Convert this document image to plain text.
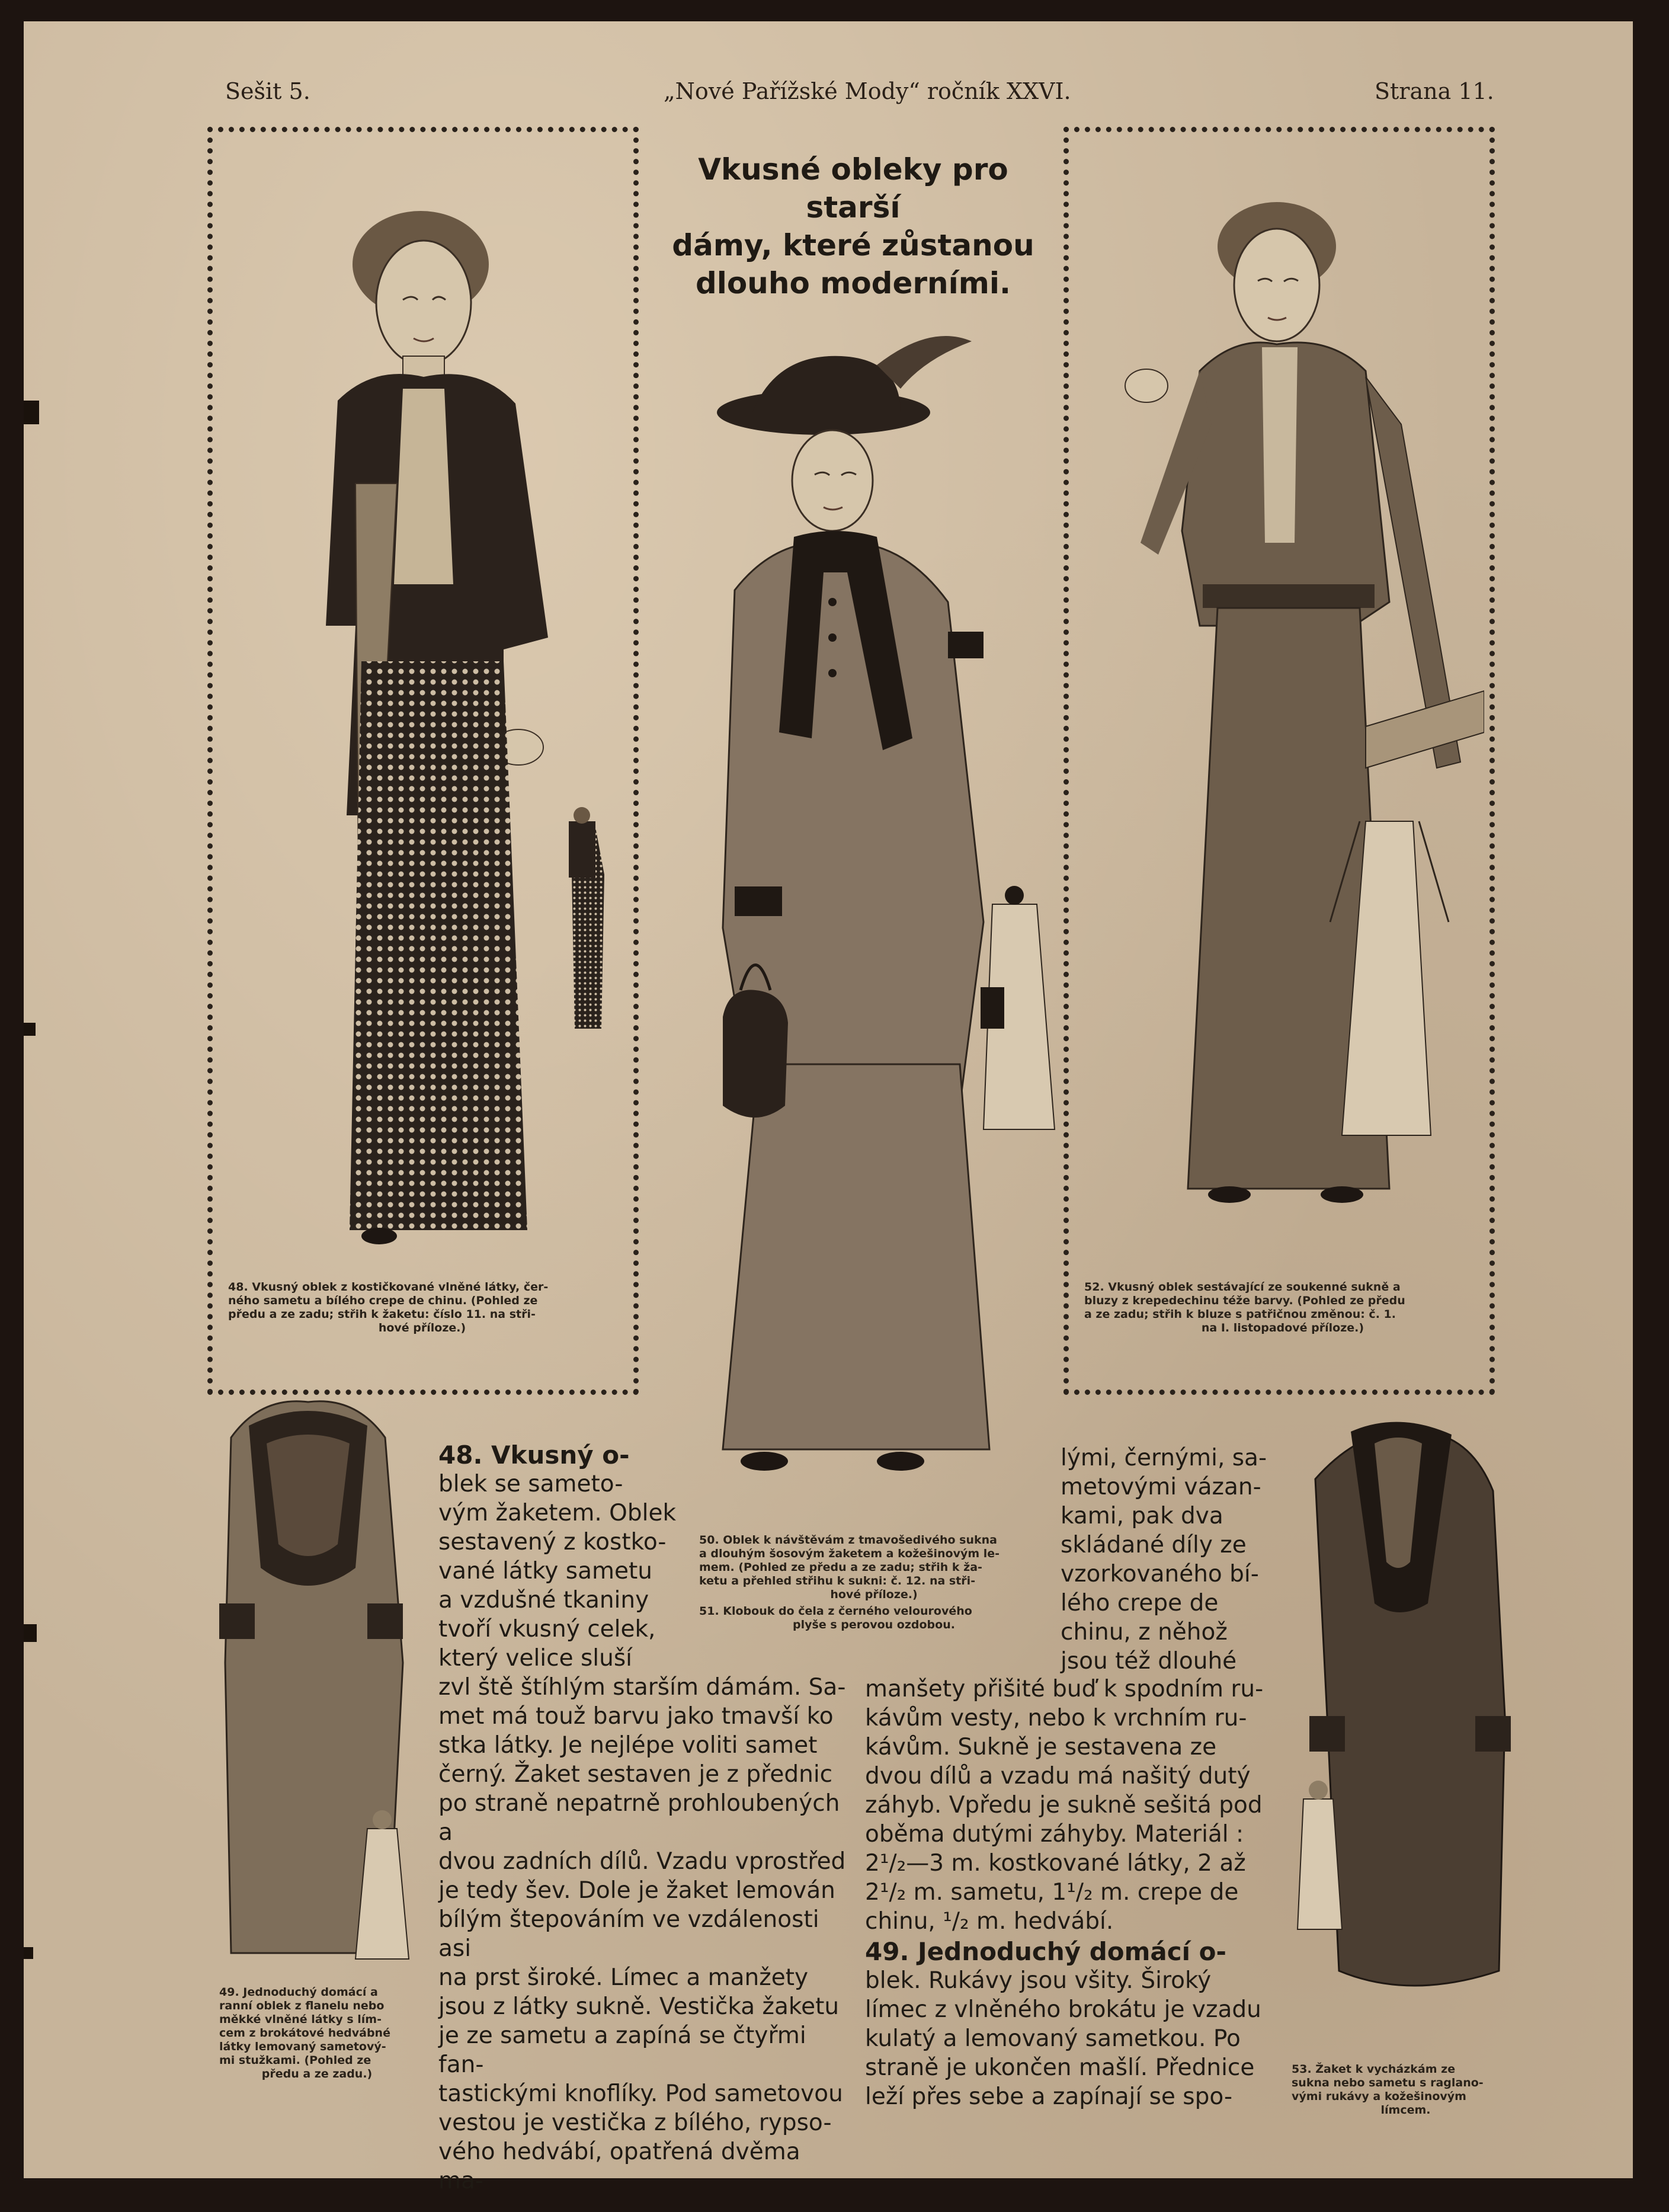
Sešit 5.	„Nové Pařížské Mody“ ročník XXVI.	Strana 11.
Vkusné obleky pro starší
dámy, které zůstanou
dlouho moderními.
48. Vkusný oblek z kostičkované vlněné látky, čer-
ného sametu a bílého crepe de chinu. (Pohled ze
předu a ze zadu; střih k žaketu: číslo 11. na stři-
hové příloze.)
50. Oblek k návštěvám z tmavošedivého sukna
a dlouhým šosovým žaketem a kožešinovým le-
mem. (Pohled ze předu a ze zadu; střih k ža-
ketu a přehled střihu k sukni: č. 12. na stři-
hové příloze.)
51. Klobouk do čela z černého velourového
plyše s perovou ozdobou.
52. Vkusný oblek sestávající ze soukenné sukně a
bluzy z krepedechinu téže barvy. (Pohled ze předu
a ze zadu; střih k bluze s patřičnou změnou: č. 1.
na I. listopadové příloze.)
49. Jednoduchý domácí a
ranní oblek z flanelu nebo
měkké vlněné látky s lím-
cem z brokátové hedvábné
látky lemovaný sametový-
mi stužkami. (Pohled ze
předu a ze zadu.)	53. Žaket k vycházkám ze
sukna nebo sametu s raglano-
vými rukávy a kožešinovým
límcem.
48. Vkusný o-
blek se sameto-
vým žaketem. Oblek
sestavený z kostko-
vané látky sametu
a vzdušné tkaniny
tvoří vkusný celek,
který velice sluší
zvl ště štíhlým starším dámám. Sa-
met má touž barvu jako tmavší ko
stka látky. Je nejlépe voliti samet
černý. Žaket sestaven je z přednic
po straně nepatrně prohloubených a
dvou zadních dílů. Vzadu vprostřed
je tedy šev. Dole je žaket lemován
bílým štepováním ve vzdálenosti asi
na prst široké. Límec a manžety
jsou z látky sukně. Vestička žaketu
je ze sametu a zapíná se čtyřmi fan-
tastickými knoflíky. Pod sametovou
vestou je vestička z bílého, rypso-
vého hedvábí, opatřená dvěma ma-
lými, černými, sa-
metovými vázan-
kami, pak dva
skládané díly ze
vzorkovaného bí-
lého crepe de
chinu, z něhož
jsou též dlouhé
manšety přišité buď k spodním ru-
kávům vesty, nebo k vrchním ru-
kávům. Sukně je sestavena ze
dvou dílů a vzadu má našitý dutý
záhyb. Vpředu je sukně sešitá pod
oběma dutými záhyby. Materiál :
2¹/₂—3 m. kostkované látky, 2 až
2¹/₂ m. sametu, 1¹/₂ m. crepe de
chinu, ¹/₂ m. hedvábí.
49. Jednoduchý domácí o-
blek. Rukávy jsou všity. Široký
límec z vlněného brokátu je vzadu
kulatý a lemovaný sametkou. Po
straně je ukončen mašlí. Přednice
leží přes sebe a zapínají se spo-
